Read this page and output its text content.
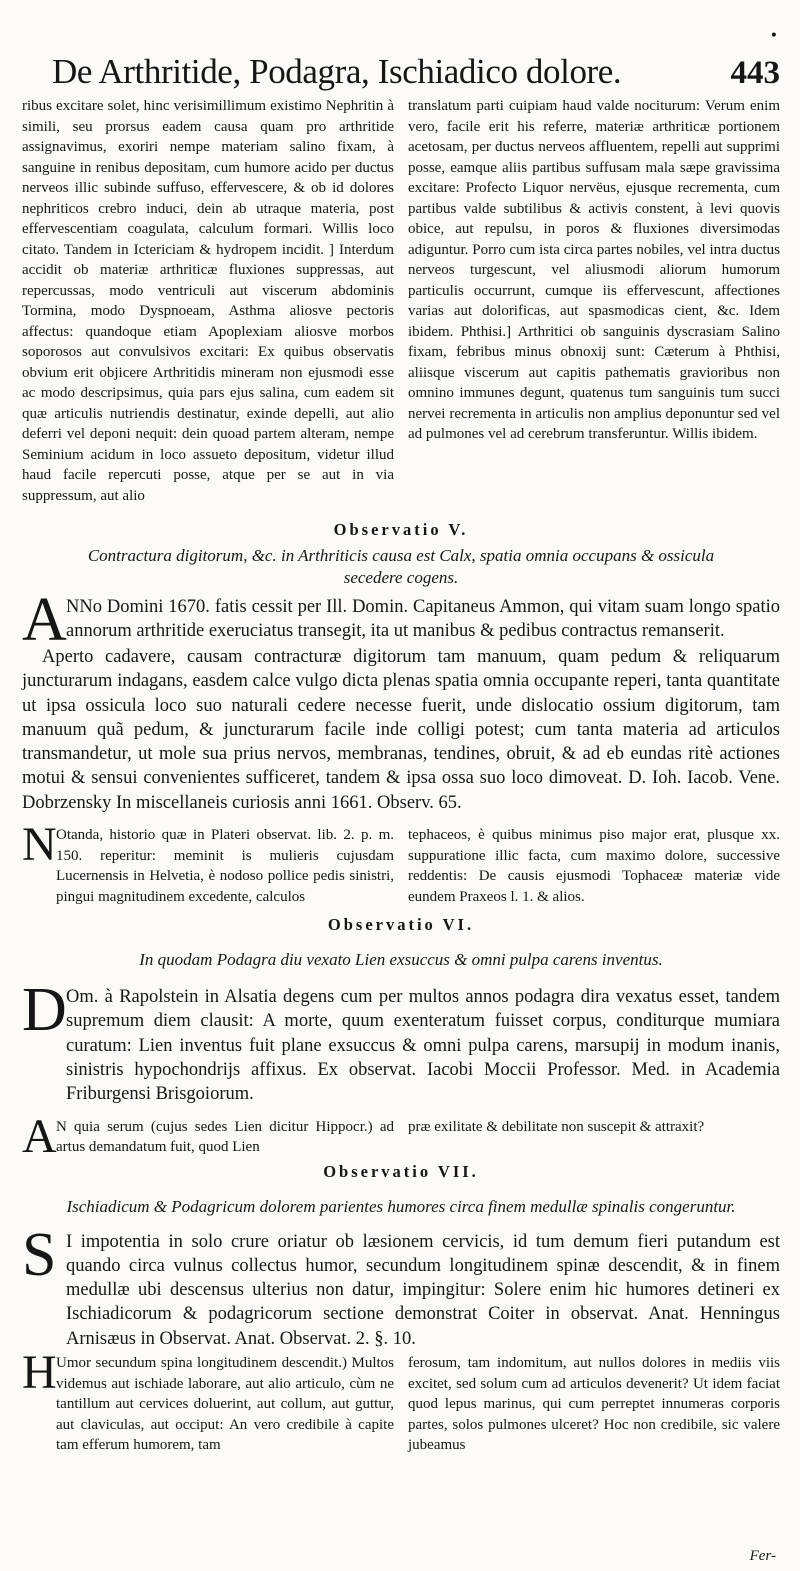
•
De Arthritide, Podagra, Ischiadico dolore.	443

ribus excitare solet, hinc verisimillimum existimo Nephritin à simili, seu prorsus eadem causa quam pro arthritide assignavimus, exoriri nempe materiam salino fixam, à sanguine in renibus depositam, cum humore acido per ductus nerveos illic subinde suffuso, effervescere, & ob id dolores nephriticos crebro induci, dein ab utraque materia, post effervescentiam coagulata, calculum formari. Willis loco citato. Tandem in Ictericiam & hydropem incidit. ] Interdum accidit ob materiæ arthriticæ fluxiones suppressas, aut repercussas, modo ventriculi aut viscerum abdominis Tormina, modo Dyspnoeam, Asthma aliosve pectoris affectus: quandoque etiam Apoplexiam aliosve morbos soporosos aut convulsivos excitari: Ex quibus observatis obvium erit objicere Arthritidis mineram non ejusmodi esse ac modo descripsimus, quia pars ejus salina, cum eadem sit quæ articulis nutriendis destinatur, exinde depelli, aut alio deferri vel deponi nequit: dein quoad partem alteram, nempe Seminium acidum in loco assueto depositum, videtur illud haud facile repercuti posse, atque per se aut in via suppressum, aut alio

translatum parti cuipiam haud valde nociturum: Verum enim vero, facile erit his referre, materiæ arthriticæ portionem acetosam, per ductus nerveos affluentem, repelli aut supprimi posse, eamque aliis partibus suffusam mala sæpe gravissima excitare: Profecto Liquor nervëus, ejusque recrementa, cum partibus valde subtilibus & activis constent, à levi quovis obice, aut repulsu, in poros & fluxiones diversimodas adiguntur. Porro cum ista circa partes nobiles, vel intra ductus nerveos turgescunt, vel aliusmodi aliorum humorum particulis occurrunt, cumque iis effervescunt, affectiones varias aut dolorificas, aut spasmodicas cient, &c. Idem ibidem. Phthisi.] Arthritici ob sanguinis dyscrasiam Salino fixam, febribus minus obnoxij sunt: Cæterum à Phthisi, aliisque viscerum aut capitis pathematis gravioribus non omnino immunes degunt, quatenus tum sanguinis tum succi nervei recrementa in articulis non amplius deponuntur sed vel ad pulmones vel ad cerebrum transferuntur. Willis ibidem.

Observatio V.

Contractura digitorum, &c. in Arthriticis causa est Calx, spatia omnia occupans & ossicula secedere cogens.

A NNo Domini 1670. fatis cessit per Ill. Domin. Capitaneus Ammon, qui vitam suam longo spatio annorum arthritide exeruciatus transegit, ita ut manibus & pedibus contractus remanserit.

Aperto cadavere, causam contracturæ digitorum tam manuum, quam pedum & reliquarum juncturarum indagans, easdem calce vulgo dicta plenas spatia omnia occupante reperi, tanta quantitate ut ipsa ossicula loco suo naturali cedere necesse fuerit, unde dislocatio ossium digitorum, tam manuum quã pedum, & juncturarum facile inde colligi potest; cum tanta materia ad articulos transmandetur, ut mole sua prius nervos, membranas, tendines, obruit, & ad eb eundas ritè actiones motui & sensui convenientes sufficeret, tandem & ipsa ossa suo loco dimoveat. D. Ioh. Iacob. Vene. Dobrzensky In miscellaneis curiosis anni 1661. Observ. 65.

N Otanda, historio quæ in Plateri observat. lib. 2. p. m. 150. reperitur: meminit is mulieris cujusdam Lucernensis in Helvetia, è nodoso pollice pedis sinistri, pingui magnitudinem excedente, calculos

tephaceos, è quibus minimus piso major erat, plusque xx. suppuratione illic facta, cum maximo dolore, successive reddentis: De causis ejusmodi Tophaceæ materiæ vide eundem Praxeos l. 1. & alios.

Observatio VI.

In quodam Podagra diu vexato Lien exsuccus & omni pulpa carens inventus.

D Om. à Rapolstein in Alsatia degens cum per multos annos podagra dira vexatus esset, tandem supremum diem clausit: A morte, quum exenteratum fuisset corpus, conditurque mumiara curatum: Lien inventus fuit plane exsuccus & omni pulpa carens, marsupij in modum inanis, sinistris hypochondrijs affixus. Ex observat. Iacobi Moccii Professor. Med. in Academia Friburgensi Brisgoiorum.

A N quia serum (cujus sedes Lien dicitur Hippocr.) ad artus demandatum fuit, quod Lien

præ exilitate & debilitate non suscepit & attraxit?

Observatio VII.

Ischiadicum & Podagricum dolorem parientes humores circa finem medullæ spinalis congeruntur.

S I impotentia in solo crure oriatur ob læsionem cervicis, id tum demum fieri putandum est quando circa vulnus collectus humor, secundum longitudinem spinæ descendit, & in finem medullæ ubi descensus ulterius non datur, impingitur: Solere enim hic humores detineri ex Ischiadicorum & podagricorum sectione demonstrat Coiter in observat. Anat. Henningus Arnisæus in Observat. Anat. Observat. 2. §. 10.

H Umor secundum spina longitudinem descendit.) Multos videmus aut ischiade laborare, aut alio articulo, cùm ne tantillum aut cervices doluerint, aut collum, aut guttur, aut claviculas, aut occiput: An vero credibile à capite tam efferum humorem, tam

ferosum, tam indomitum, aut nullos dolores in mediis viis excitet, sed solum cum ad articulos devenerit? Ut idem faciat quod lepus marinus, qui cum perreptet innumeras corporis partes, solos pulmones ulceret? Hoc non credibile, sic valere jubeamus

Fer-
